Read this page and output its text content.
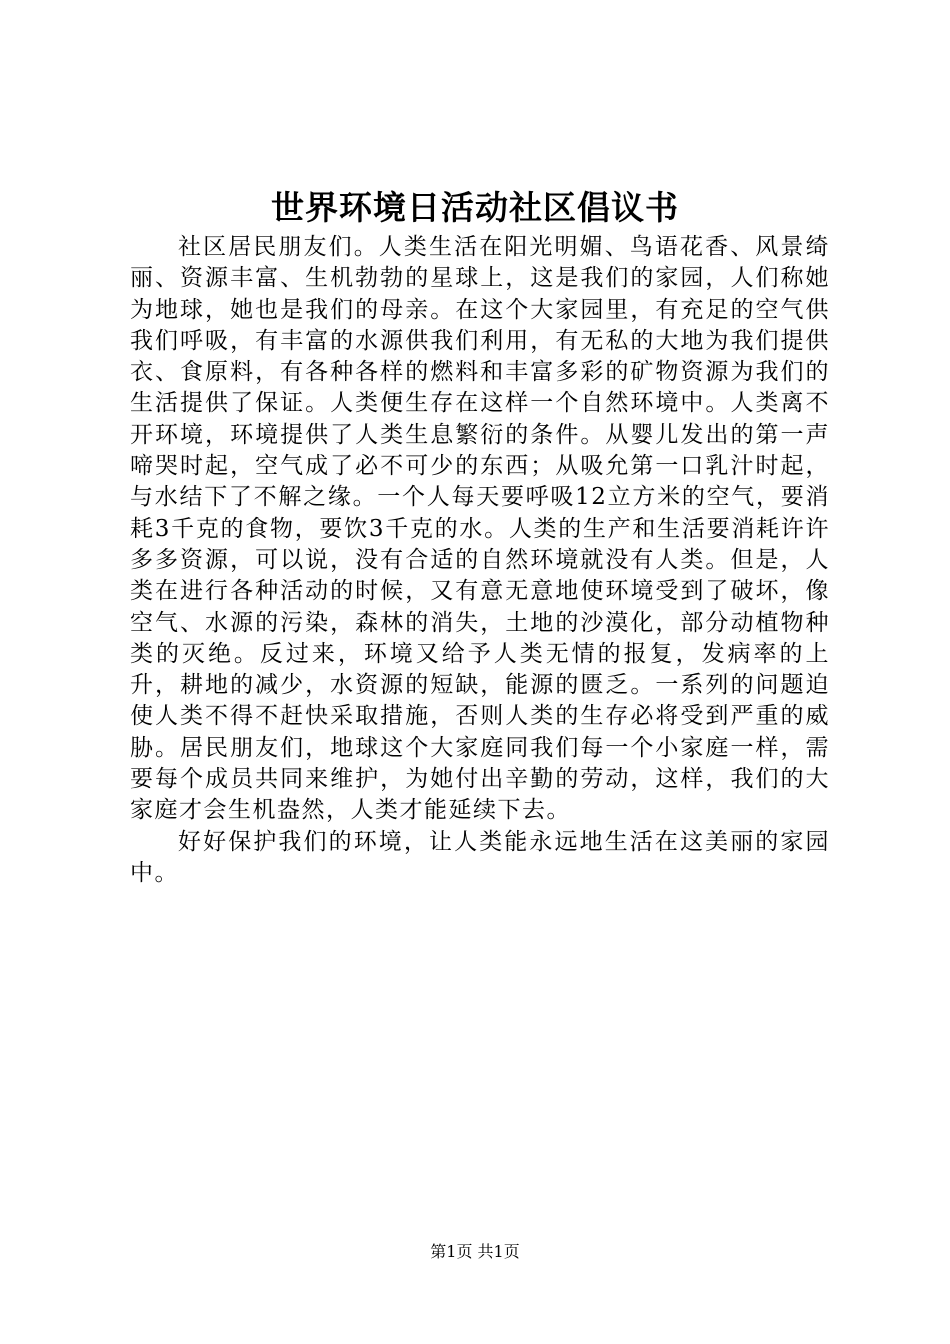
世界环境日活动社区倡议书

社区居民朋友们。人类生活在阳光明媚、鸟语花香、风景绮丽、资源丰富、生机勃勃的星球上，这是我们的家园，人们称她为地球，她也是我们的母亲。在这个大家园里，有充足的空气供我们呼吸，有丰富的水源供我们利用，有无私的大地为我们提供衣、食原料，有各种各样的燃料和丰富多彩的矿物资源为我们的生活提供了保证。人类便生存在这样一个自然环境中。人类离不开环境，环境提供了人类生息繁衍的条件。从婴儿发出的第一声啼哭时起，空气成了必不可少的东西；从吸允第一口乳汁时起，与水结下了不解之缘。一个人每天要呼吸12立方米的空气，要消耗3千克的食物，要饮3千克的水。人类的生产和生活要消耗许许多多资源，可以说，没有合适的自然环境就没有人类。但是，人类在进行各种活动的时候，又有意无意地使环境受到了破坏，像空气、水源的污染，森林的消失，土地的沙漠化，部分动植物种类的灭绝。反过来，环境又给予人类无情的报复，发病率的上升，耕地的减少，水资源的短缺，能源的匮乏。一系列的问题迫使人类不得不赶快采取措施，否则人类的生存必将受到严重的威胁。居民朋友们，地球这个大家庭同我们每一个小家庭一样，需要每个成员共同来维护，为她付出辛勤的劳动，这样，我们的大家庭才会生机盎然，人类才能延续下去。

好好保护我们的环境，让人类能永远地生活在这美丽的家园中。

第1页 共1页
